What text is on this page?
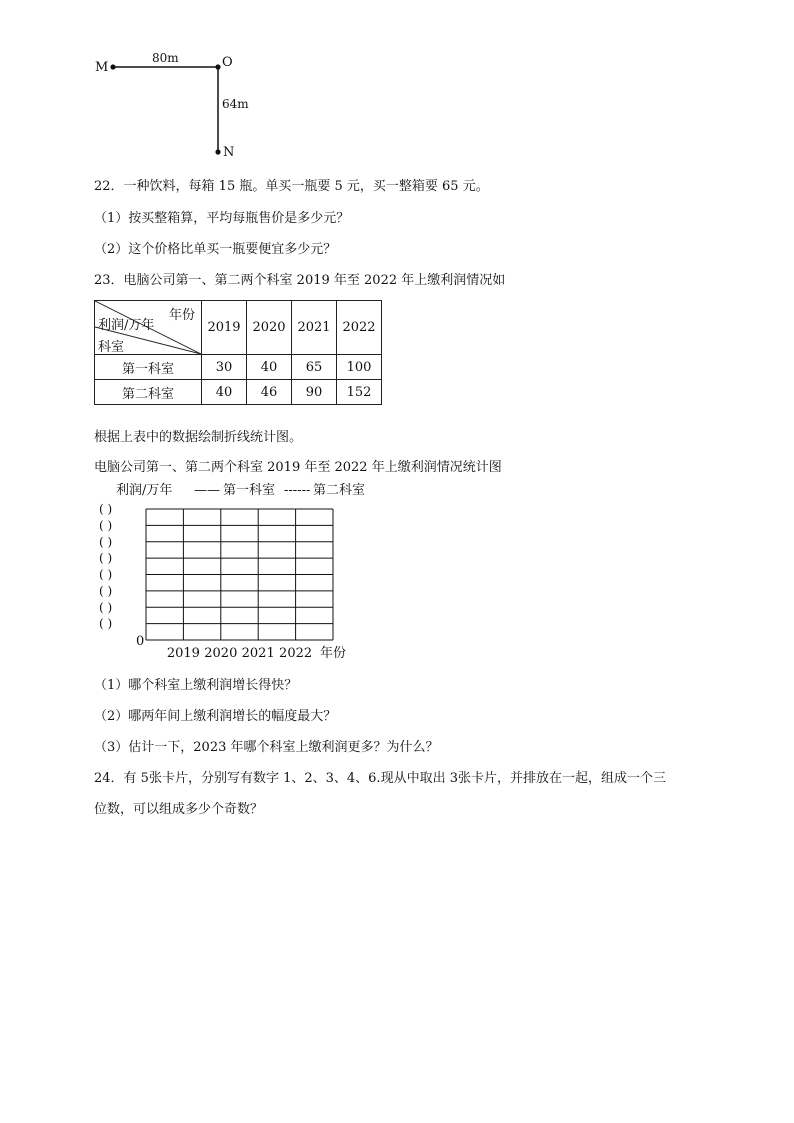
M	O
N
80m
64m
22．一种饮料，每箱 15 瓶。单买一瓶要 5 元，买一整箱要 65 元。
（1）按买整箱算，平均每瓶售价是多少元？
（2）这个价格比单买一瓶要便宜多少元？
23．电脑公司第一、第二两个科室 2019 年至 2022 年上缴利润情况如
年份
利润/万年
科室	2019	2020	2021	2022
第一科室	30	40	65	100
第二科室	40	46	90	152
根据上表中的数据绘制折线统计图。
电脑公司第一、第二两个科室 2019 年至 2022 年上缴利润情况统计图
利润/万年 —— 第一科室 ------ 第二科室
( )
( )
( )
( )
( )
( )
( )
( )
2019 2020 2021 2022
0
年份
（1）哪个科室上缴利润增长得快？
（2）哪两年间上缴利润增长的幅度最大？
（3）估计一下，2023 年哪个科室上缴利润更多？为什么？
24．有 5张卡片，分别写有数字 1、2、3、4、6.现从中取出 3张卡片，并排放在一起，组成一个三
位数，可以组成多少个奇数？
